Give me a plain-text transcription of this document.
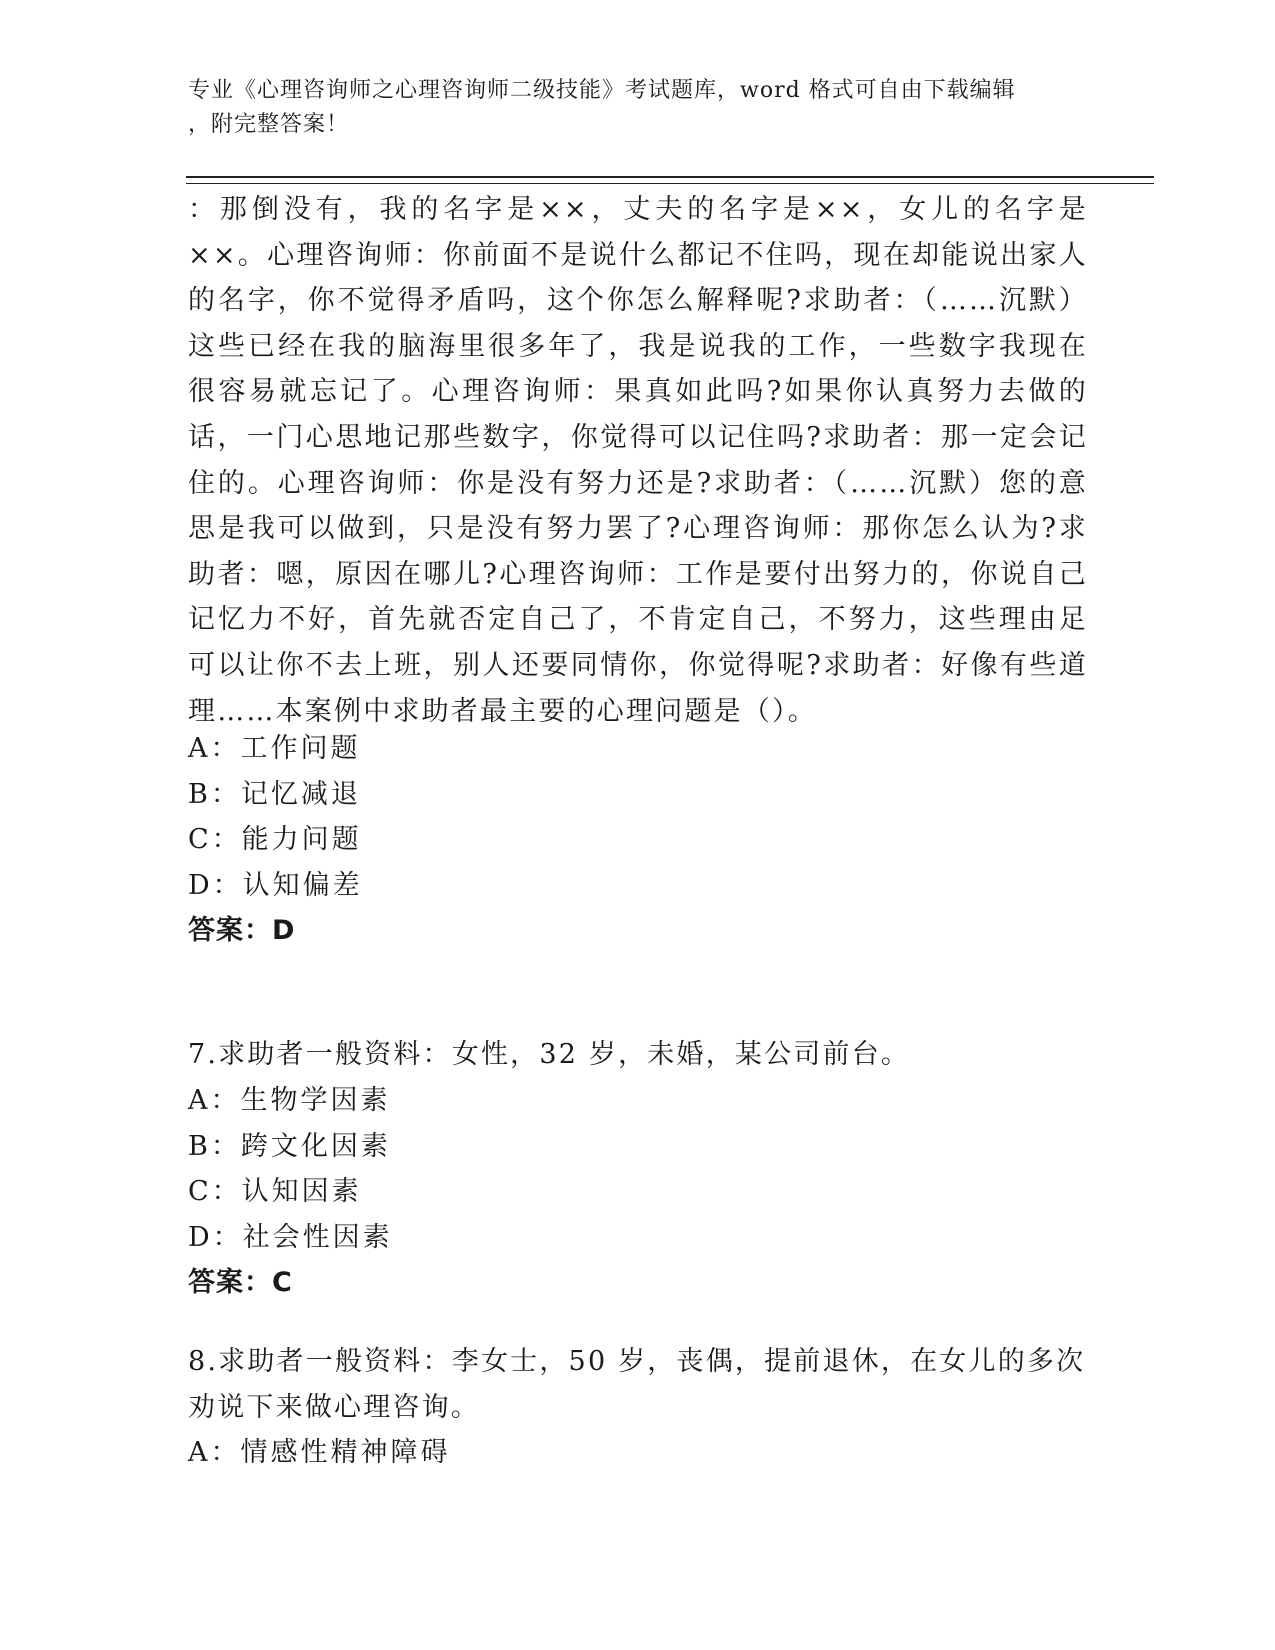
专业《心理咨询师之心理咨询师二级技能》考试题库，word 格式可自由下载编辑
，附完整答案！
：那倒没有，我的名字是××，丈夫的名字是××，女儿的名字是××。心理咨询师：你前面不是说什么都记不住吗，现在却能说出家人的名字，你不觉得矛盾吗，这个你怎么解释呢?求助者：（……沉默）这些已经在我的脑海里很多年了，我是说我的工作，一些数字我现在很容易就忘记了。心理咨询师：果真如此吗?如果你认真努力去做的话，一门心思地记那些数字，你觉得可以记住吗?求助者：那一定会记住的。心理咨询师：你是没有努力还是?求助者：（……沉默）您的意思是我可以做到，只是没有努力罢了?心理咨询师：那你怎么认为?求助者：嗯，原因在哪儿?心理咨询师：工作是要付出努力的，你说自己记忆力不好，首先就否定自己了，不肯定自己，不努力，这些理由足可以让你不去上班，别人还要同情你，你觉得呢?求助者：好像有些道理……本案例中求助者最主要的心理问题是（）。
A：工作问题
B：记忆减退
C：能力问题
D：认知偏差
答案：D
7.求助者一般资料：女性，32 岁，未婚，某公司前台。
A：生物学因素
B：跨文化因素
C：认知因素
D：社会性因素
答案：C
8.求助者一般资料：李女士，50 岁，丧偶，提前退休，在女儿的多次劝说下来做心理咨询。
A：情感性精神障碍
